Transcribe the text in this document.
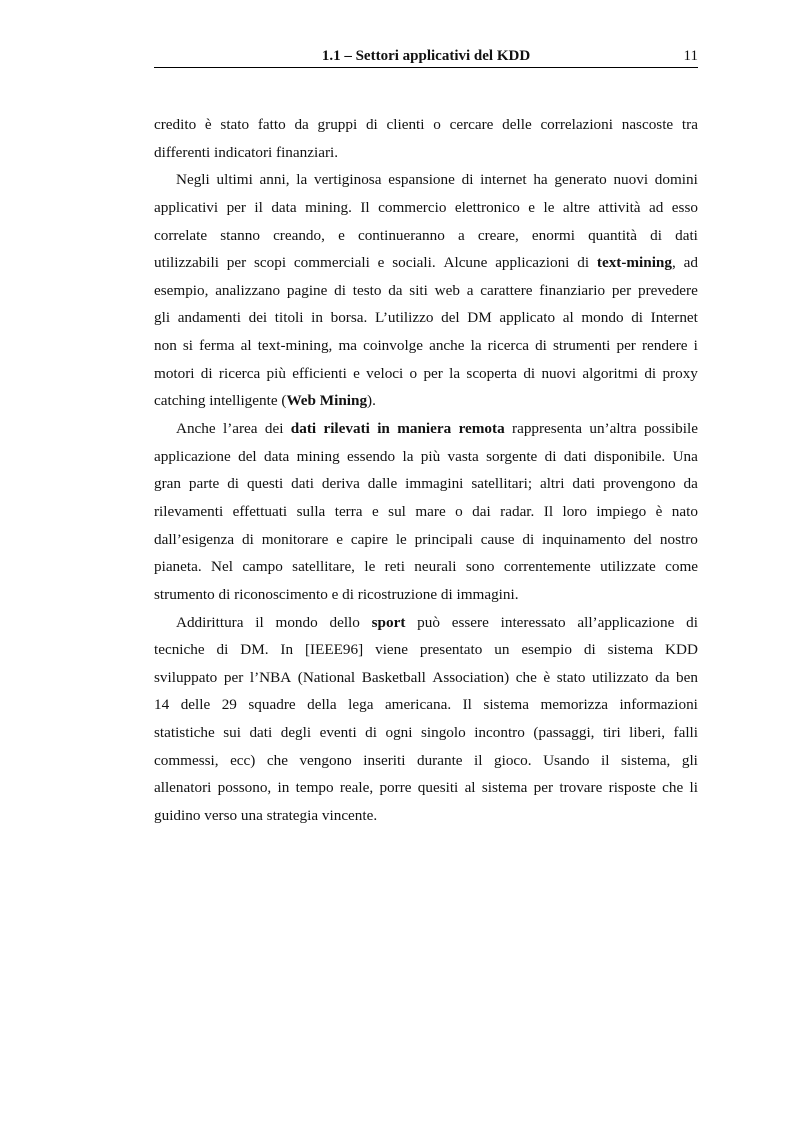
1.1 – Settori applicativi del KDD	11
credito è stato fatto da gruppi di clienti o cercare delle correlazioni nascoste tra
differenti indicatori finanziari.
Negli ultimi anni, la vertiginosa espansione di internet ha generato nuovi domini
applicativi per il data mining. Il commercio elettronico e le altre attività ad esso
correlate stanno creando, e continueranno a creare, enormi quantità di dati
utilizzabili per scopi commerciali e sociali. Alcune applicazioni di text-mining, ad
esempio, analizzano pagine di testo da siti web a carattere finanziario per prevedere
gli andamenti dei titoli in borsa. L’utilizzo del DM applicato al mondo di Internet
non si ferma al text-mining, ma coinvolge anche la ricerca di strumenti per rendere i
motori di ricerca più efficienti e veloci o per la scoperta di nuovi algoritmi di proxy
catching intelligente (Web Mining).
Anche l’area dei dati rilevati in maniera remota rappresenta un’altra possibile
applicazione del data mining essendo la più vasta sorgente di dati disponibile. Una
gran parte di questi dati deriva dalle immagini satellitari; altri dati provengono da
rilevamenti effettuati sulla terra e sul mare o dai radar. Il loro impiego è nato
dall’esigenza di monitorare e capire le principali cause di inquinamento del nostro
pianeta. Nel campo satellitare, le reti neurali sono correntemente utilizzate come
strumento di riconoscimento e di ricostruzione di immagini.
Addirittura il mondo dello sport può essere interessato all’applicazione di
tecniche di DM. In [IEEE96] viene presentato un esempio di sistema KDD
sviluppato per l’NBA (National Basketball Association) che è stato utilizzato da ben
14 delle 29 squadre della lega americana. Il sistema memorizza informazioni
statistiche sui dati degli eventi di ogni singolo incontro (passaggi, tiri liberi, falli
commessi, ecc) che vengono inseriti durante il gioco. Usando il sistema, gli
allenatori possono, in tempo reale, porre quesiti al sistema per trovare risposte che li
guidino verso una strategia vincente.
